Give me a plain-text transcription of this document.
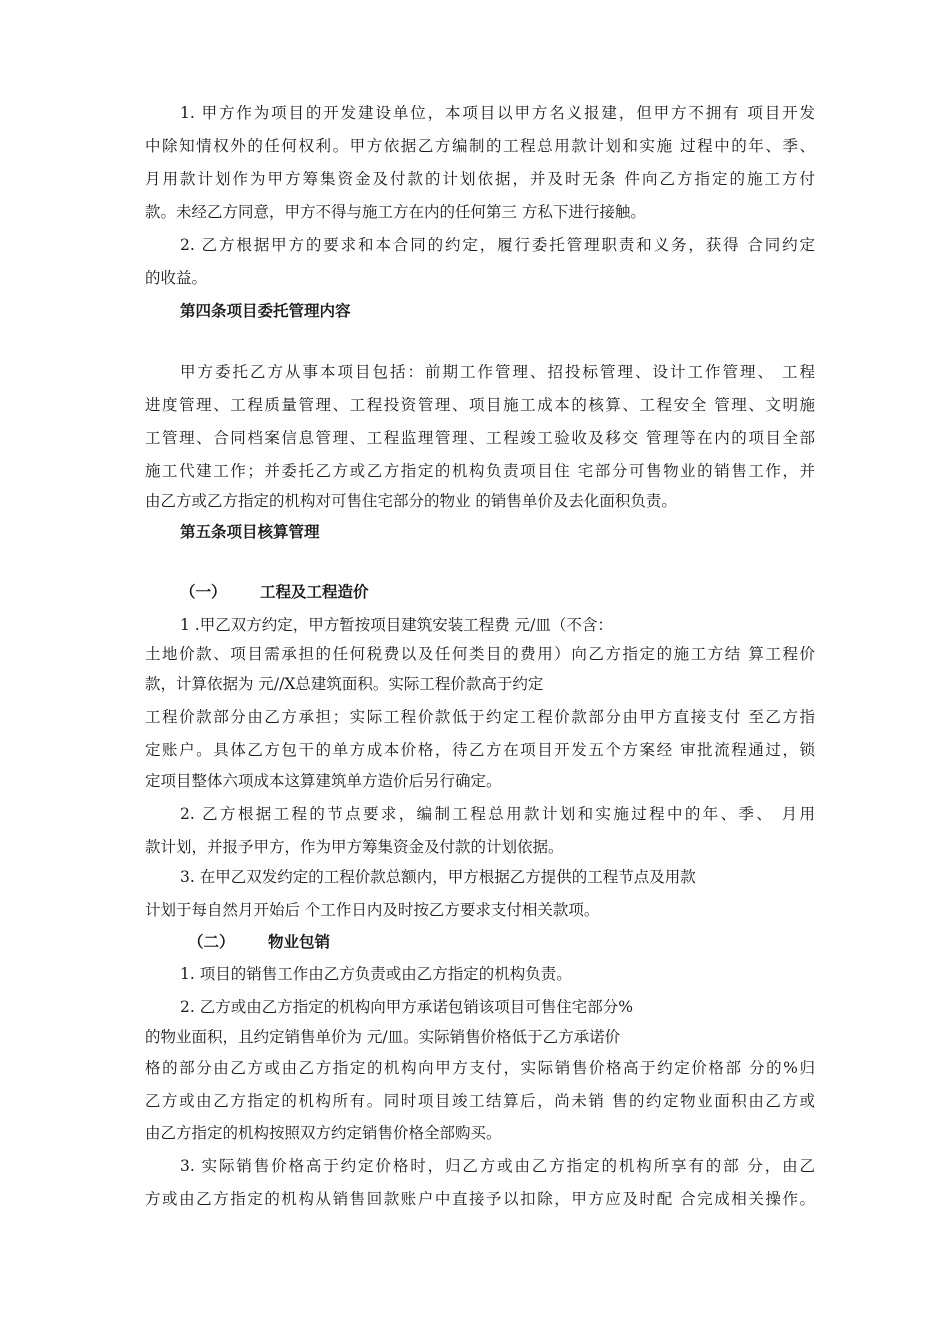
1. 甲方作为项目的开发建设单位，本项目以甲方名义报建，但甲方不拥有 项目开发
中除知情权外的任何权利。甲方依据乙方编制的工程总用款计划和实施 过程中的年、季、
月用款计划作为甲方筹集资金及付款的计划依据，并及时无条 件向乙方指定的施工方付
款。未经乙方同意，甲方不得与施工方在内的任何第三 方私下进行接触。
2. 乙方根据甲方的要求和本合同的约定，履行委托管理职责和义务，获得 合同约定
的收益。
第四条项目委托管理内容
甲方委托乙方从事本项目包括：前期工作管理、招投标管理、设计工作管理、 工程
进度管理、工程质量管理、工程投资管理、项目施工成本的核算、工程安全 管理、文明施
工管理、合同档案信息管理、工程监理管理、工程竣工验收及移交 管理等在内的项目全部
施工代建工作；并委托乙方或乙方指定的机构负责项目住 宅部分可售物业的销售工作，并
由乙方或乙方指定的机构对可售住宅部分的物业 的销售单价及去化面积负责。
第五条项目核算管理
（一） 工程及工程造价
1 .甲乙双方约定，甲方暂按项目建筑安装工程费 元/皿（不含：
土地价款、项目需承担的任何税费以及任何类目的费用）向乙方指定的施工方结 算工程价
款，计算依据为 元//X总建筑面积。实际工程价款高于约定
工程价款部分由乙方承担；实际工程价款低于约定工程价款部分由甲方直接支付 至乙方指
定账户。具体乙方包干的单方成本价格，待乙方在项目开发五个方案经 审批流程通过，锁
定项目整体六项成本这算建筑单方造价后另行确定。
2. 乙方根据工程的节点要求，编制工程总用款计划和实施过程中的年、季、 月用
款计划，并报予甲方，作为甲方筹集资金及付款的计划依据。
3. 在甲乙双发约定的工程价款总额内，甲方根据乙方提供的工程节点及用款
计划于每自然月开始后 个工作日内及时按乙方要求支付相关款项。
（二） 物业包销
1. 项目的销售工作由乙方负责或由乙方指定的机构负责。
2. 乙方或由乙方指定的机构向甲方承诺包销该项目可售住宅部分%
的物业面积，且约定销售单价为 元/皿。实际销售价格低于乙方承诺价
格的部分由乙方或由乙方指定的机构向甲方支付，实际销售价格高于约定价格部 分的%归
乙方或由乙方指定的机构所有。同时项目竣工结算后，尚未销 售的约定物业面积由乙方或
由乙方指定的机构按照双方约定销售价格全部购买。
3. 实际销售价格高于约定价格时，归乙方或由乙方指定的机构所享有的部 分，由乙
方或由乙方指定的机构从销售回款账户中直接予以扣除，甲方应及时配 合完成相关操作。
